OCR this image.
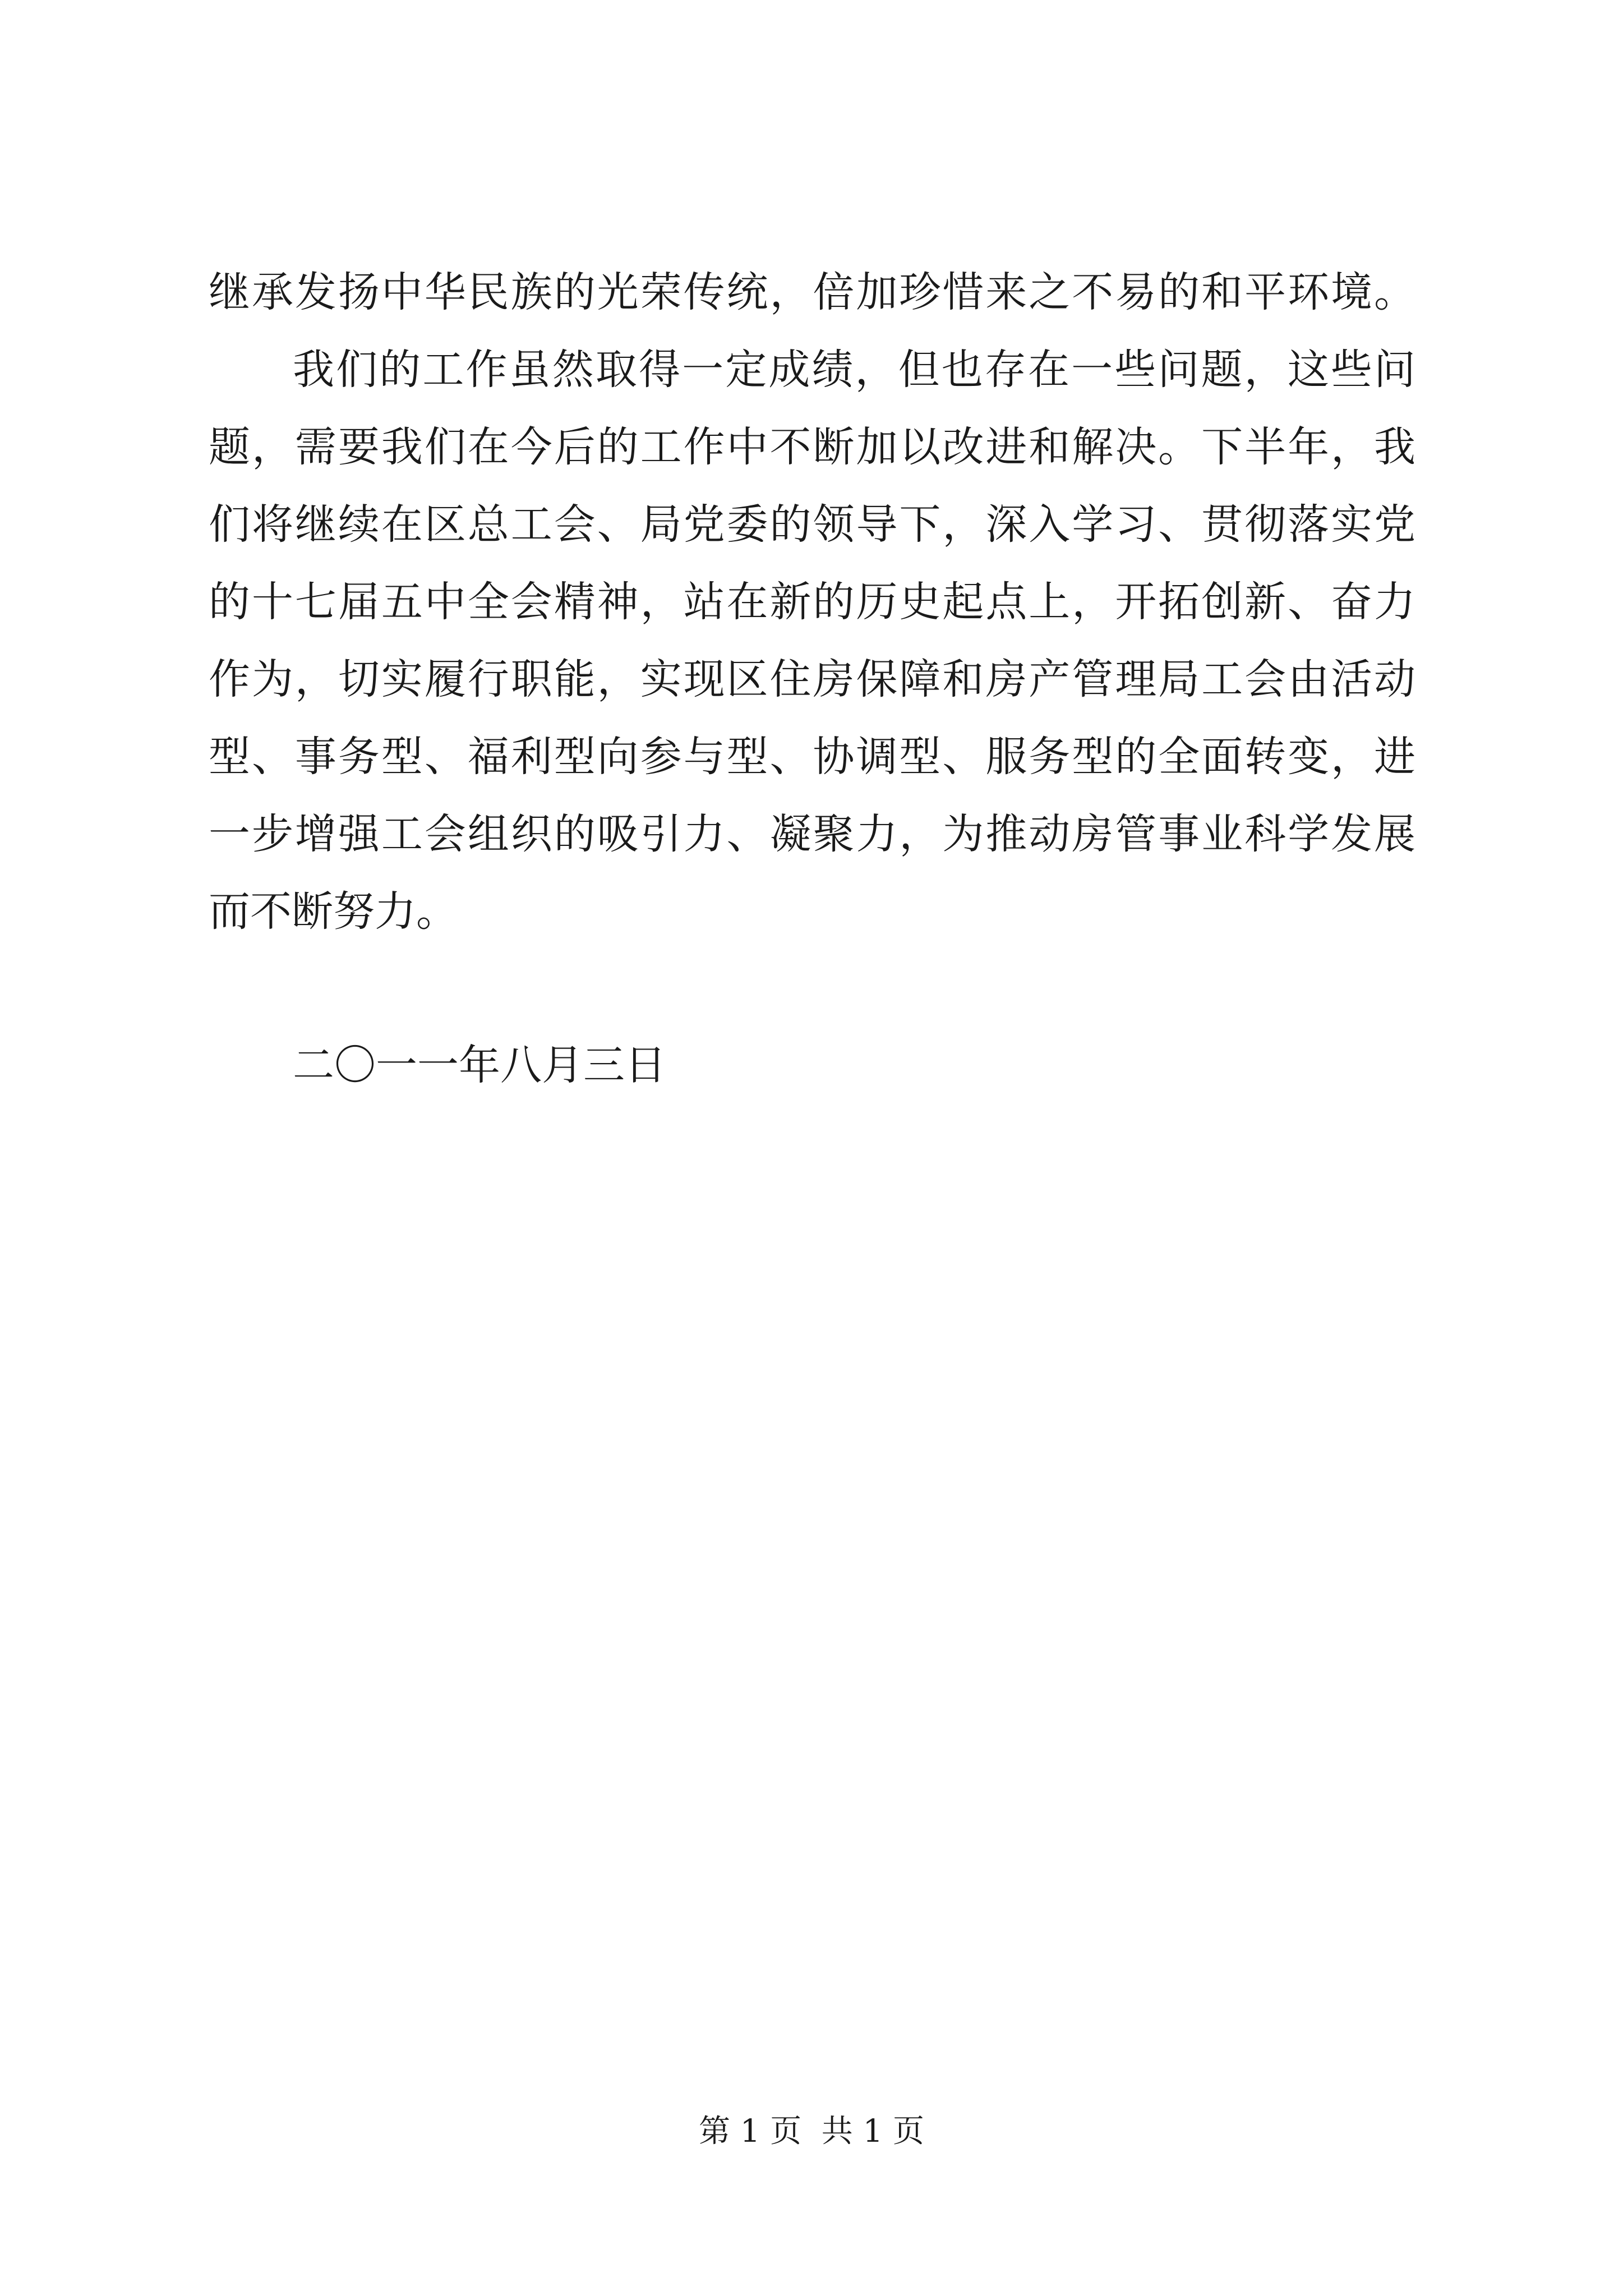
继承发扬中华民族的光荣传统，倍加珍惜来之不易的和平环境。
我们的工作虽然取得一定成绩，但也存在一些问题，这些问
题，需要我们在今后的工作中不断加以改进和解决。下半年，我
们将继续在区总工会、局党委的领导下，深入学习、贯彻落实党
的十七届五中全会精神，站在新的历史起点上，开拓创新、奋力
作为，切实履行职能，实现区住房保障和房产管理局工会由活动
型、事务型、福利型向参与型、协调型、服务型的全面转变，进
一步增强工会组织的吸引力、凝聚力，为推动房管事业科学发展
而不断努力。
二〇一一年八月三日
第 1 页  共 1 页
